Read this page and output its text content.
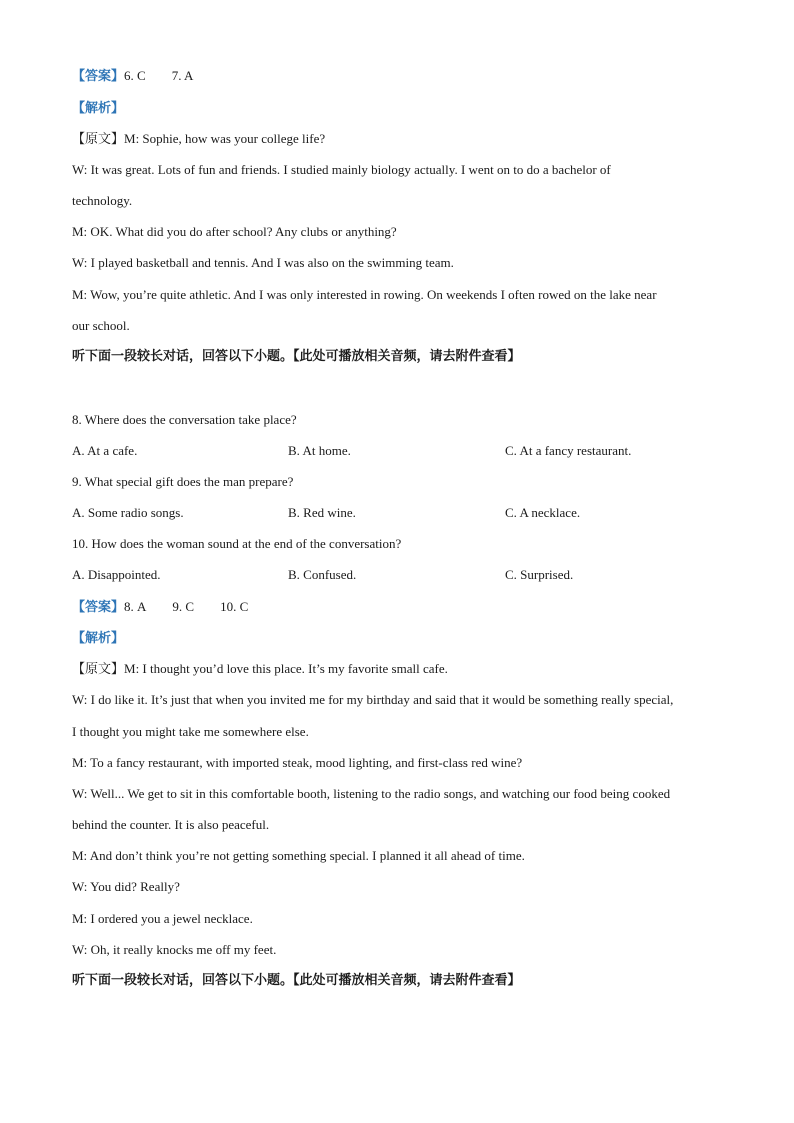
【答案】6. C 7. A
【解析】
【原文】M: Sophie, how was your college life?
W: It was great. Lots of fun and friends. I studied mainly biology actually. I went on to do a bachelor of
technology.
M: OK. What did you do after school? Any clubs or anything?
W: I played basketball and tennis. And I was also on the swimming team.
M: Wow, you’re quite athletic. And I was only interested in rowing. On weekends I often rowed on the lake near
our school.
听下面一段较长对话，回答以下小题。【此处可播放相关音频，请去附件查看】
8. Where does the conversation take place?
A. At a cafe.	B. At home.	C. At a fancy restaurant.
9. What special gift does the man prepare?
A. Some radio songs.	B. Red wine.	C. A necklace.
10. How does the woman sound at the end of the conversation?
A. Disappointed.	B. Confused.	C. Surprised.
【答案】8. A 9. C 10. C
【解析】
【原文】M: I thought you’d love this place. It’s my favorite small cafe.
W: I do like it. It’s just that when you invited me for my birthday and said that it would be something really special,
I thought you might take me somewhere else.
M: To a fancy restaurant, with imported steak, mood lighting, and first-class red wine?
W: Well... We get to sit in this comfortable booth, listening to the radio songs, and watching our food being cooked
behind the counter. It is also peaceful.
M: And don’t think you’re not getting something special. I planned it all ahead of time.
W: You did? Really?
M: I ordered you a jewel necklace.
W: Oh, it really knocks me off my feet.
听下面一段较长对话，回答以下小题。【此处可播放相关音频，请去附件查看】
